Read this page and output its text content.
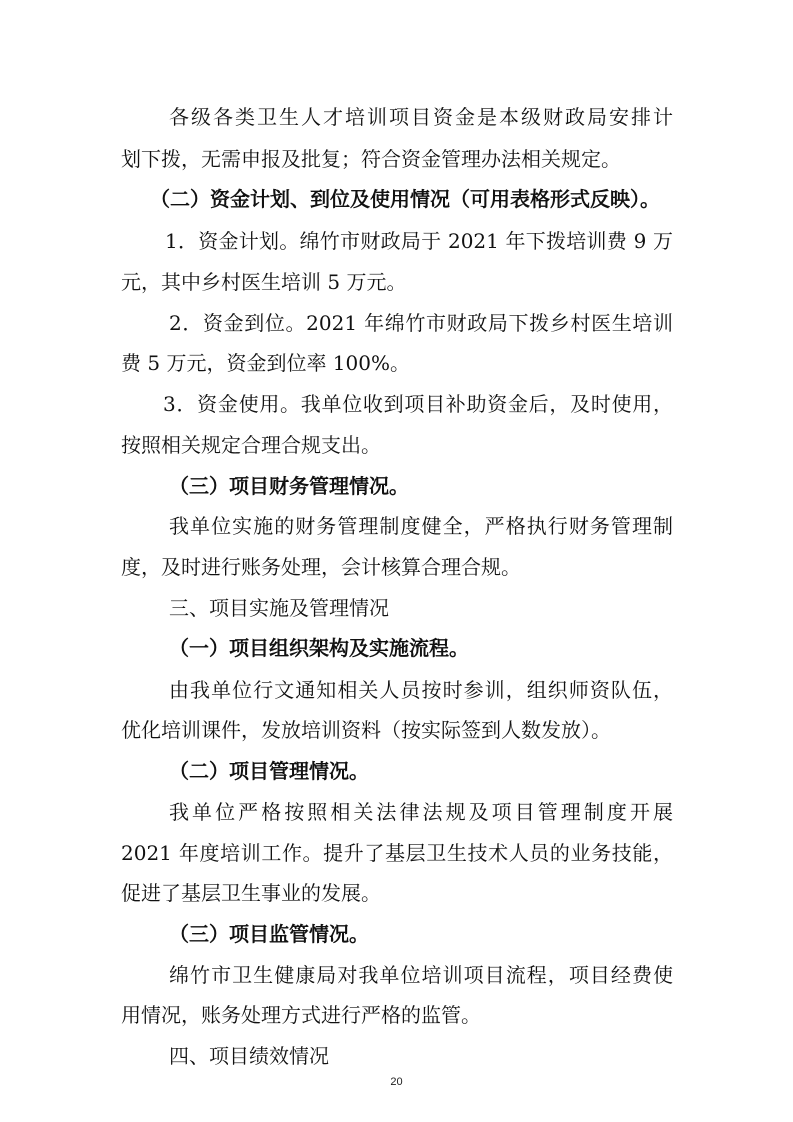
各级各类卫生人才培训项目资金是本级财政局安排计
划下拨，无需申报及批复；符合资金管理办法相关规定。
（二）资金计划、到位及使用情况（可用表格形式反映）。
1．资金计划。绵竹市财政局于 2021 年下拨培训费 9 万
元，其中乡村医生培训 5 万元。
2．资金到位。2021 年绵竹市财政局下拨乡村医生培训
费 5 万元，资金到位率 100%。
3．资金使用。我单位收到项目补助资金后，及时使用，
按照相关规定合理合规支出。
（三）项目财务管理情况。
我单位实施的财务管理制度健全，严格执行财务管理制
度，及时进行账务处理，会计核算合理合规。
三、项目实施及管理情况
（一）项目组织架构及实施流程。
由我单位行文通知相关人员按时参训，组织师资队伍，
优化培训课件，发放培训资料（按实际签到人数发放）。
（二）项目管理情况。
我单位严格按照相关法律法规及项目管理制度开展
2021 年度培训工作。提升了基层卫生技术人员的业务技能，
促进了基层卫生事业的发展。
（三）项目监管情况。
绵竹市卫生健康局对我单位培训项目流程，项目经费使
用情况，账务处理方式进行严格的监管。
四、项目绩效情况
20
